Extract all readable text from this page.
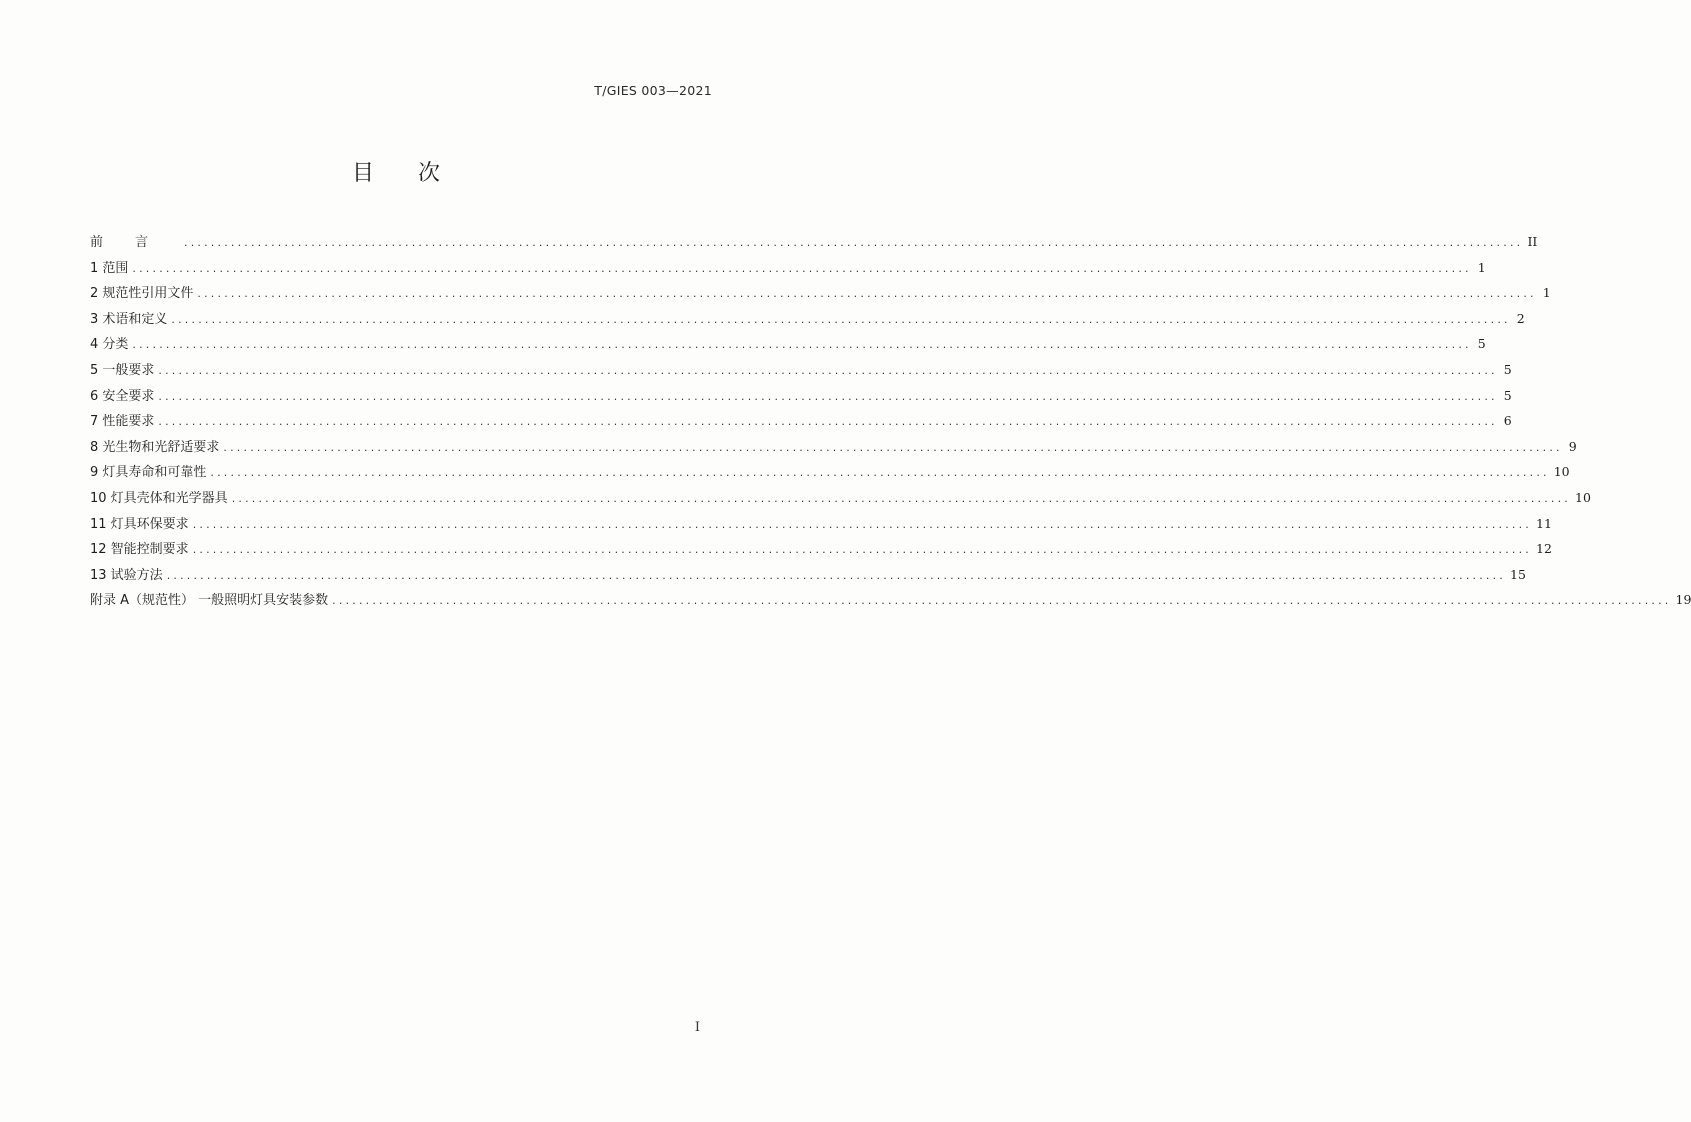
T/GIES 003—2021
目次
前言 ........................................................................................................................................................................................................ II
1 范围 ........................................................................................................................................................................................................ 1
2 规范性引用文件 ........................................................................................................................................................................................................ 1
3 术语和定义 ........................................................................................................................................................................................................ 2
4 分类 ........................................................................................................................................................................................................ 5
5 一般要求 ........................................................................................................................................................................................................ 5
6 安全要求 ........................................................................................................................................................................................................ 5
7 性能要求 ........................................................................................................................................................................................................ 6
8 光生物和光舒适要求 ........................................................................................................................................................................................................ 9
9 灯具寿命和可靠性 ........................................................................................................................................................................................................ 10
10 灯具壳体和光学器具 ........................................................................................................................................................................................................ 10
11 灯具环保要求 ........................................................................................................................................................................................................ 11
12 智能控制要求 ........................................................................................................................................................................................................ 12
13 试验方法 ........................................................................................................................................................................................................ 15
附录 A（规范性） 一般照明灯具安装参数 ........................................................................................................................................................................................................ 19
I
